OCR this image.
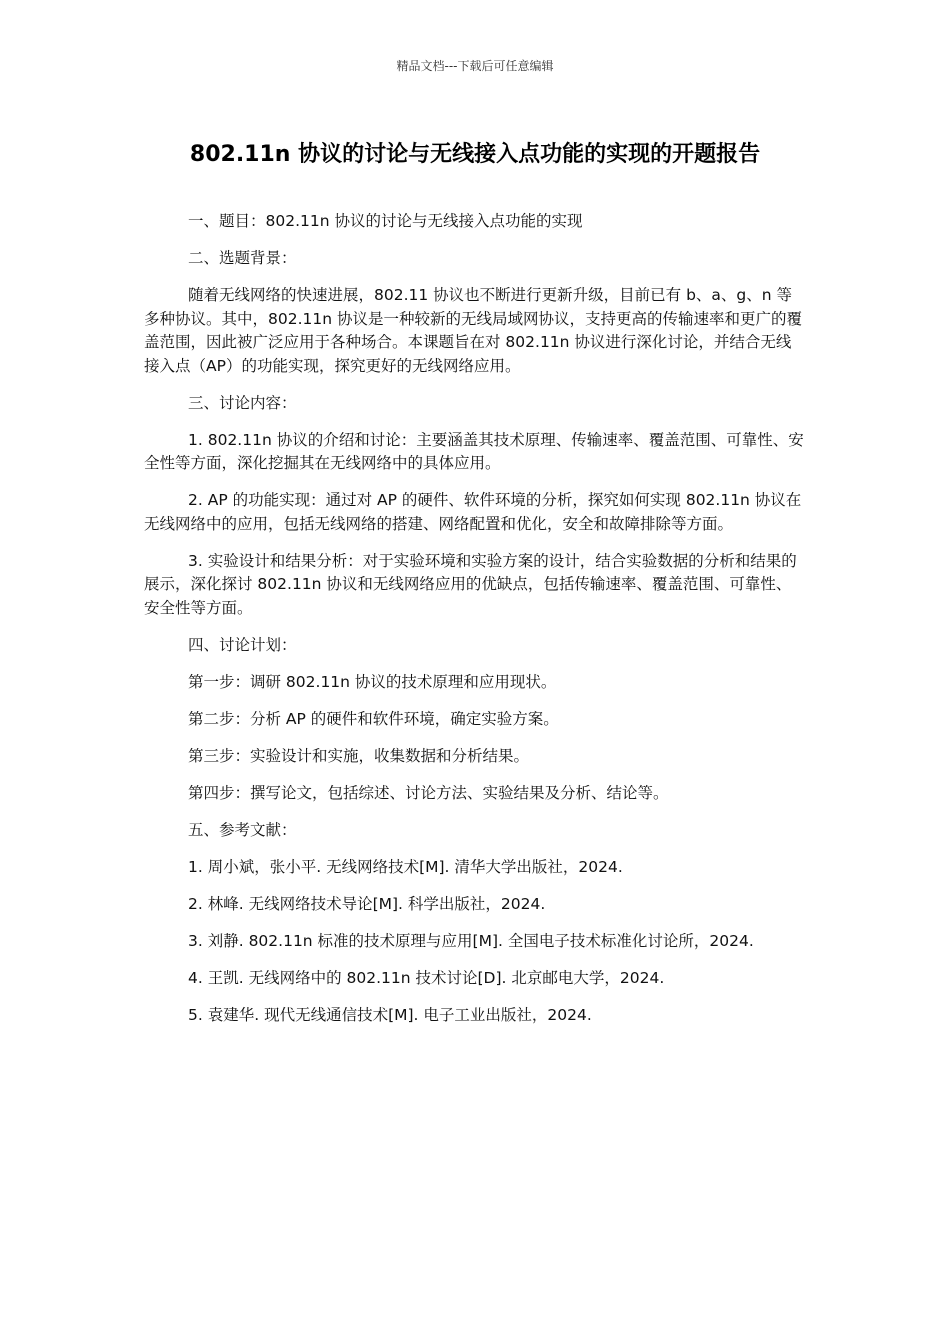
精品文档---下载后可任意编辑
802.11n 协议的讨论与无线接入点功能的实现的开题报告

一、题目：802.11n 协议的讨论与无线接入点功能的实现

二、选题背景：

随着无线网络的快速进展，802.11 协议也不断进行更新升级，目前已有 b、a、g、n 等多种协议。其中，802.11n 协议是一种较新的无线局域网协议，支持更高的传输速率和更广的覆盖范围，因此被广泛应用于各种场合。本课题旨在对 802.11n 协议进行深化讨论，并结合无线接入点（AP）的功能实现，探究更好的无线网络应用。

三、讨论内容：

1. 802.11n 协议的介绍和讨论：主要涵盖其技术原理、传输速率、覆盖范围、可靠性、安全性等方面，深化挖掘其在无线网络中的具体应用。

2. AP 的功能实现：通过对 AP 的硬件、软件环境的分析，探究如何实现 802.11n 协议在无线网络中的应用，包括无线网络的搭建、网络配置和优化，安全和故障排除等方面。

3. 实验设计和结果分析：对于实验环境和实验方案的设计，结合实验数据的分析和结果的展示，深化探讨 802.11n 协议和无线网络应用的优缺点，包括传输速率、覆盖范围、可靠性、安全性等方面。

四、讨论计划：

第一步：调研 802.11n 协议的技术原理和应用现状。

第二步：分析 AP 的硬件和软件环境，确定实验方案。

第三步：实验设计和实施，收集数据和分析结果。

第四步：撰写论文，包括综述、讨论方法、实验结果及分析、结论等。

五、参考文献：

1. 周小斌，张小平. 无线网络技术[M]. 清华大学出版社，2024.

2. 林峰. 无线网络技术导论[M]. 科学出版社，2024.

3. 刘静. 802.11n 标准的技术原理与应用[M]. 全国电子技术标准化讨论所，2024.

4. 王凯. 无线网络中的 802.11n 技术讨论[D]. 北京邮电大学，2024.

5. 袁建华. 现代无线通信技术[M]. 电子工业出版社，2024.
